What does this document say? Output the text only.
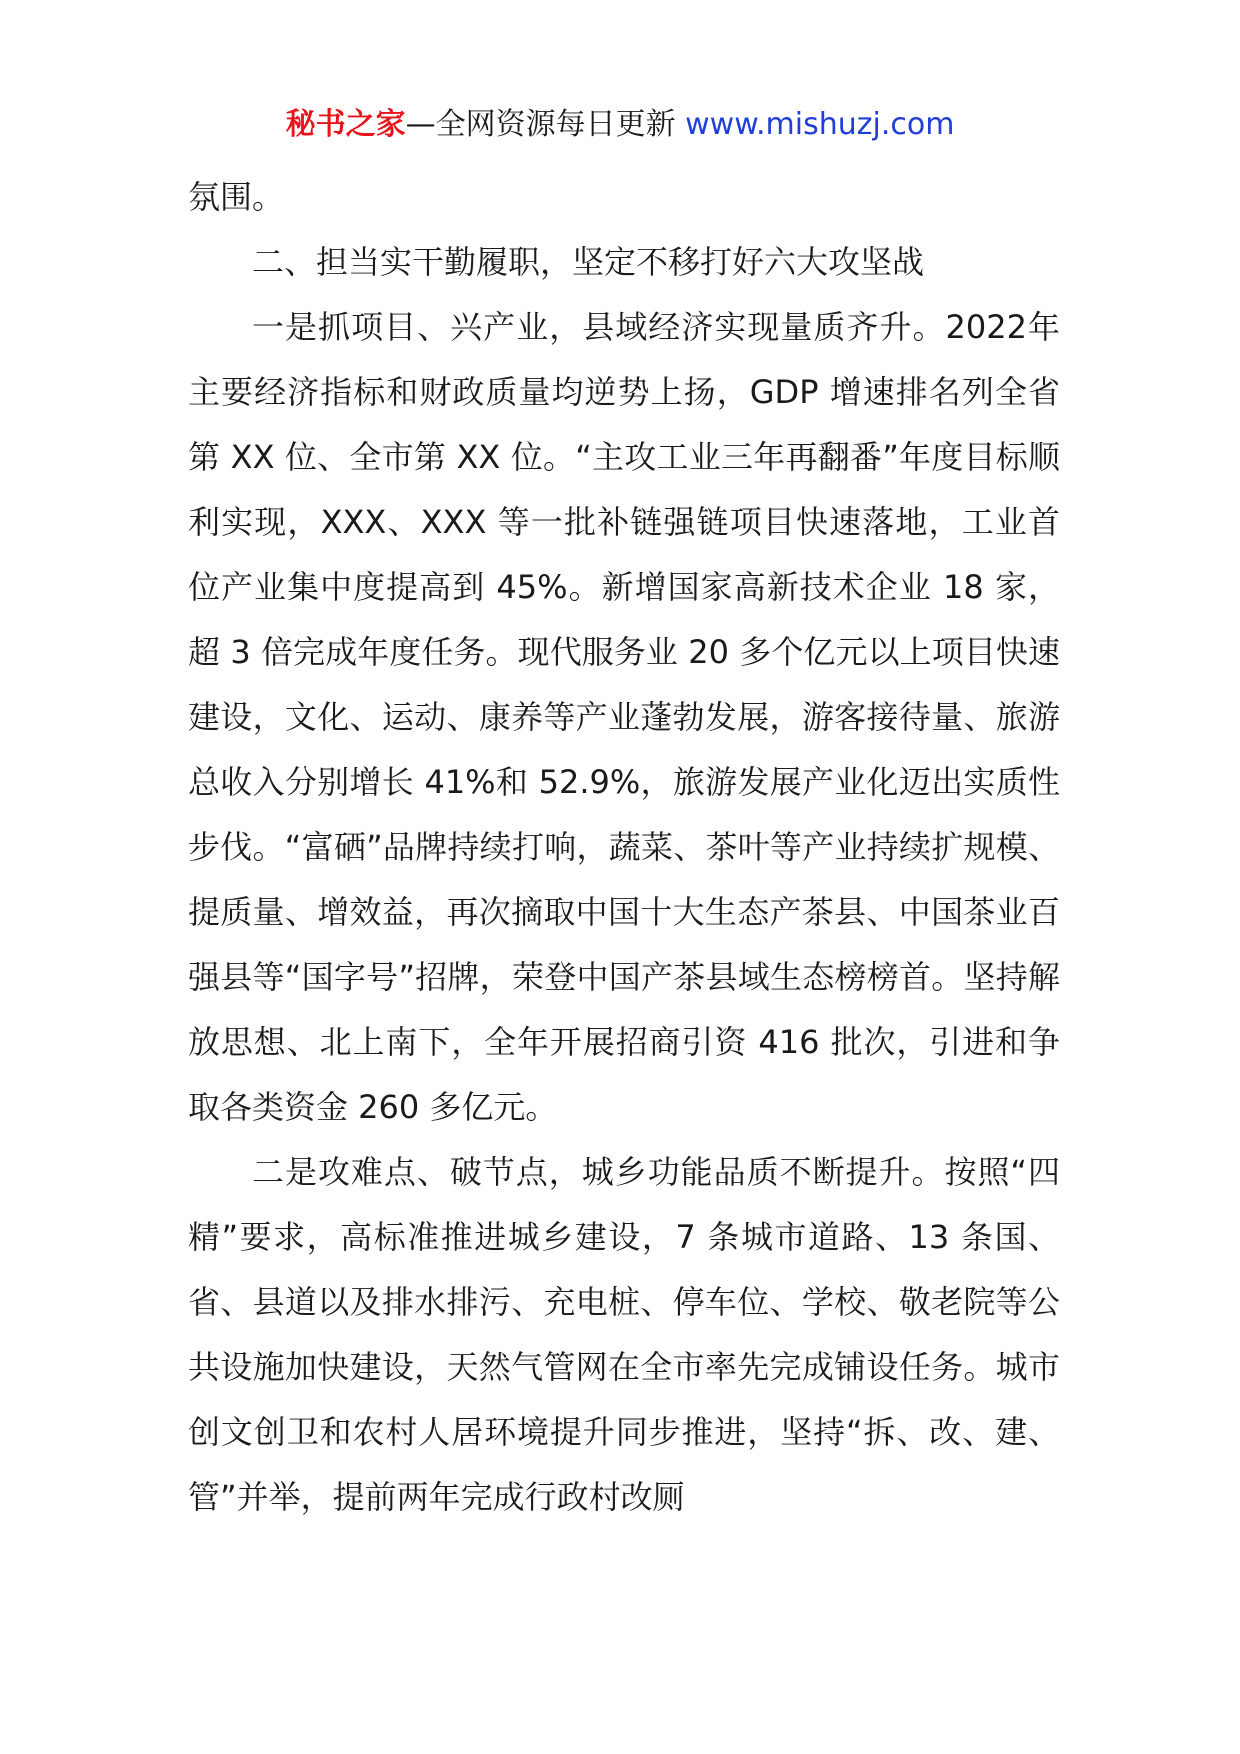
秘书之家—全网资源每日更新 www.mishuzj.com

氛围。

二、担当实干勤履职，坚定不移打好六大攻坚战

一是抓项目、兴产业，县域经济实现量质齐升。2022年主要经济指标和财政质量均逆势上扬，GDP 增速排名列全省第 XX 位、全市第 XX 位。“主攻工业三年再翻番”年度目标顺利实现，XXX、XXX 等一批补链强链项目快速落地，工业首位产业集中度提高到 45%。新增国家高新技术企业 18 家，超 3 倍完成年度任务。现代服务业 20 多个亿元以上项目快速建设，文化、运动、康养等产业蓬勃发展，游客接待量、旅游总收入分别增长 41%和 52.9%，旅游发展产业化迈出实质性步伐。“富硒”品牌持续打响，蔬菜、茶叶等产业持续扩规模、提质量、增效益，再次摘取中国十大生态产茶县、中国茶业百强县等“国字号”招牌，荣登中国产茶县域生态榜榜首。坚持解放思想、北上南下，全年开展招商引资 416 批次，引进和争取各类资金 260 多亿元。

二是攻难点、破节点，城乡功能品质不断提升。按照“四精”要求，高标准推进城乡建设，7 条城市道路、13 条国、省、县道以及排水排污、充电桩、停车位、学校、敬老院等公共设施加快建设，天然气管网在全市率先完成铺设任务。城市创文创卫和农村人居环境提升同步推进，坚持“拆、改、建、管”并举，提前两年完成行政村改厕
